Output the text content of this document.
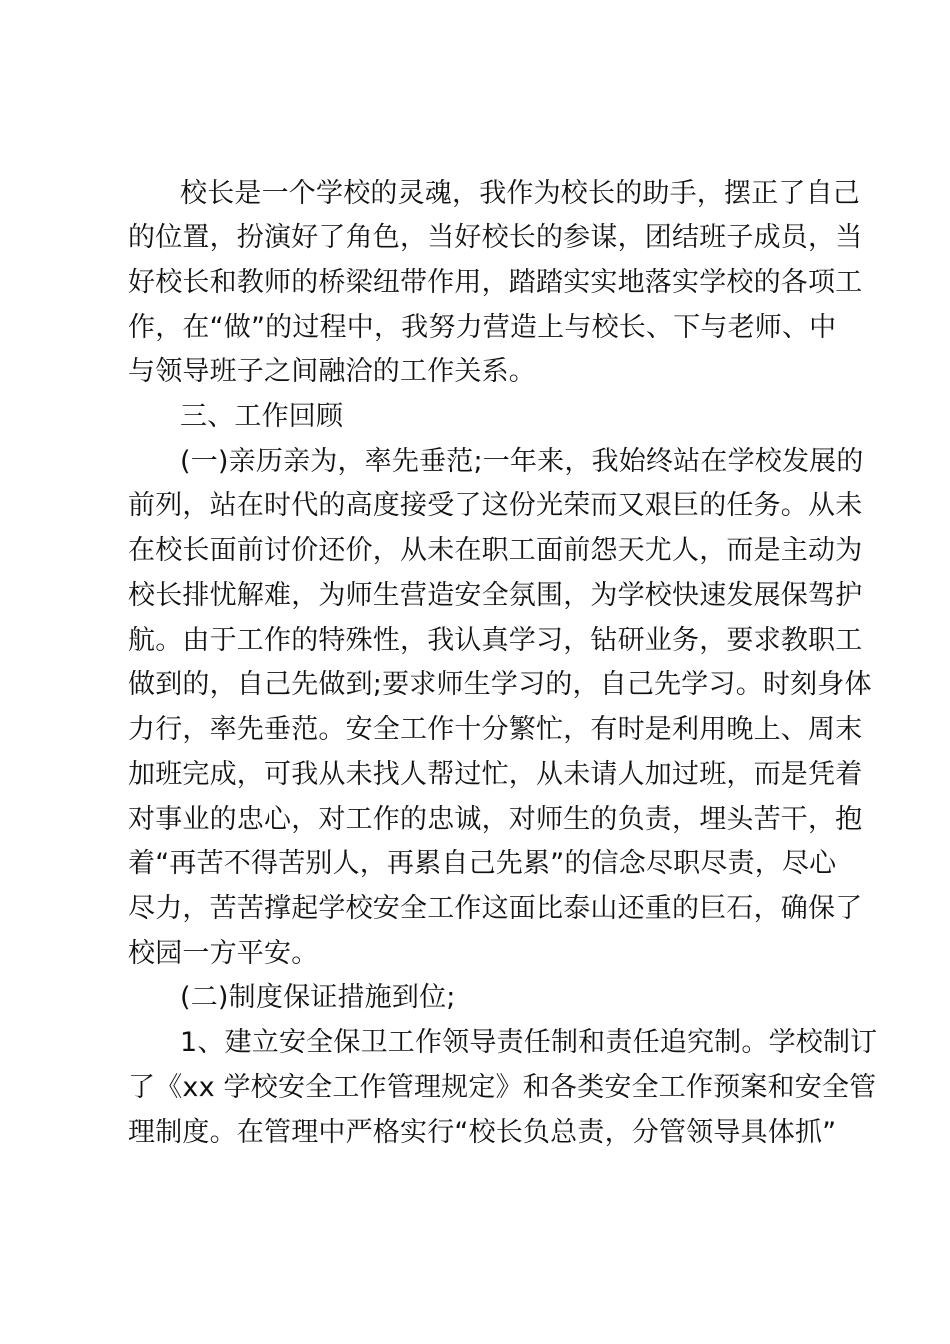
校长是一个学校的灵魂，我作为校长的助手，摆正了自己
的位置，扮演好了角色，当好校长的参谋，团结班子成员，当
好校长和教师的桥梁纽带作用，踏踏实实地落实学校的各项工
作，在“做”的过程中，我努力营造上与校长、下与老师、中
与领导班子之间融洽的工作关系。
三、工作回顾
(一)亲历亲为，率先垂范;一年来，我始终站在学校发展的
前列，站在时代的高度接受了这份光荣而又艰巨的任务。从未
在校长面前讨价还价，从未在职工面前怨天尤人，而是主动为
校长排忧解难，为师生营造安全氛围，为学校快速发展保驾护
航。由于工作的特殊性，我认真学习，钻研业务，要求教职工
做到的，自己先做到;要求师生学习的，自己先学习。时刻身体
力行，率先垂范。安全工作十分繁忙，有时是利用晚上、周末
加班完成，可我从未找人帮过忙，从未请人加过班，而是凭着
对事业的忠心，对工作的忠诚，对师生的负责，埋头苦干，抱
着“再苦不得苦别人，再累自己先累”的信念尽职尽责，尽心
尽力，苦苦撑起学校安全工作这面比泰山还重的巨石，确保了
校园一方平安。
(二)制度保证措施到位;
1、建立安全保卫工作领导责任制和责任追究制。学校制订
了《xx 学校安全工作管理规定》和各类安全工作预案和安全管
理制度。在管理中严格实行“校长负总责，分管领导具体抓”
